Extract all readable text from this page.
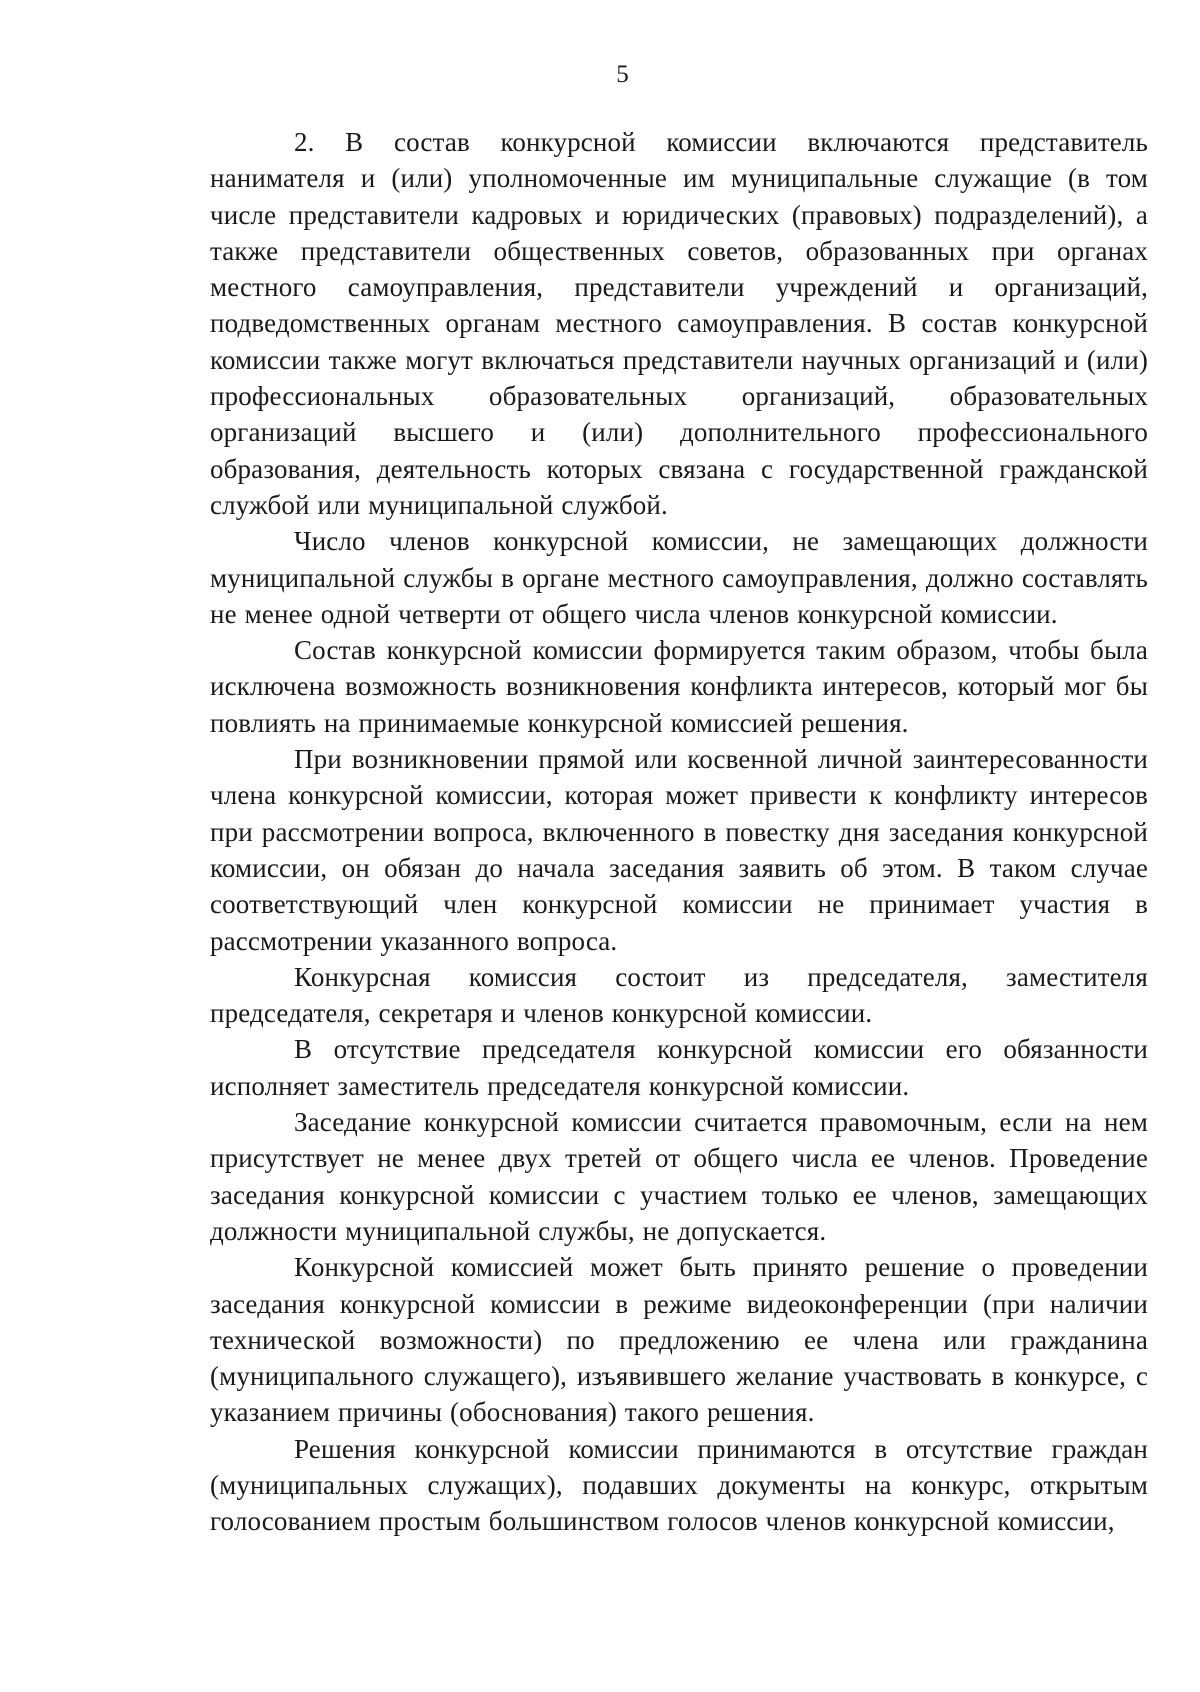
5

2. В состав конкурсной комиссии включаются представитель нанимателя и (или) уполномоченные им муниципальные служащие (в том числе представители кадровых и юридических (правовых) подразделений), а также представители общественных советов, образованных при органах местного самоуправления, представители учреждений и организаций, подведомственных органам местного самоуправления. В состав конкурсной комиссии также могут включаться представители научных организаций и (или) профессиональных образовательных организаций, образовательных организаций высшего и (или) дополнительного профессионального образования, деятельность которых связана с государственной гражданской службой или муниципальной службой.

Число членов конкурсной комиссии, не замещающих должности муниципальной службы в органе местного самоуправления, должно составлять не менее одной четверти от общего числа членов конкурсной комиссии.

Состав конкурсной комиссии формируется таким образом, чтобы была исключена возможность возникновения конфликта интересов, который мог бы повлиять на принимаемые конкурсной комиссией решения.

При возникновении прямой или косвенной личной заинтересованности члена конкурсной комиссии, которая может привести к конфликту интересов при рассмотрении вопроса, включенного в повестку дня заседания конкурсной комиссии, он обязан до начала заседания заявить об этом. В таком случае соответствующий член конкурсной комиссии не принимает участия в рассмотрении указанного вопроса.

Конкурсная комиссия состоит из председателя, заместителя председателя, секретаря и членов конкурсной комиссии.

В отсутствие председателя конкурсной комиссии его обязанности исполняет заместитель председателя конкурсной комиссии.

Заседание конкурсной комиссии считается правомочным, если на нем присутствует не менее двух третей от общего числа ее членов. Проведение заседания конкурсной комиссии с участием только ее членов, замещающих должности муниципальной службы, не допускается.

Конкурсной комиссией может быть принято решение о проведении заседания конкурсной комиссии в режиме видеоконференции (при наличии технической возможности) по предложению ее члена или гражданина (муниципального служащего), изъявившего желание участвовать в конкурсе, с указанием причины (обоснования) такого решения.

Решения конкурсной комиссии принимаются в отсутствие граждан (муниципальных служащих), подавших документы на конкурс, открытым голосованием простым большинством голосов членов конкурсной комиссии,
